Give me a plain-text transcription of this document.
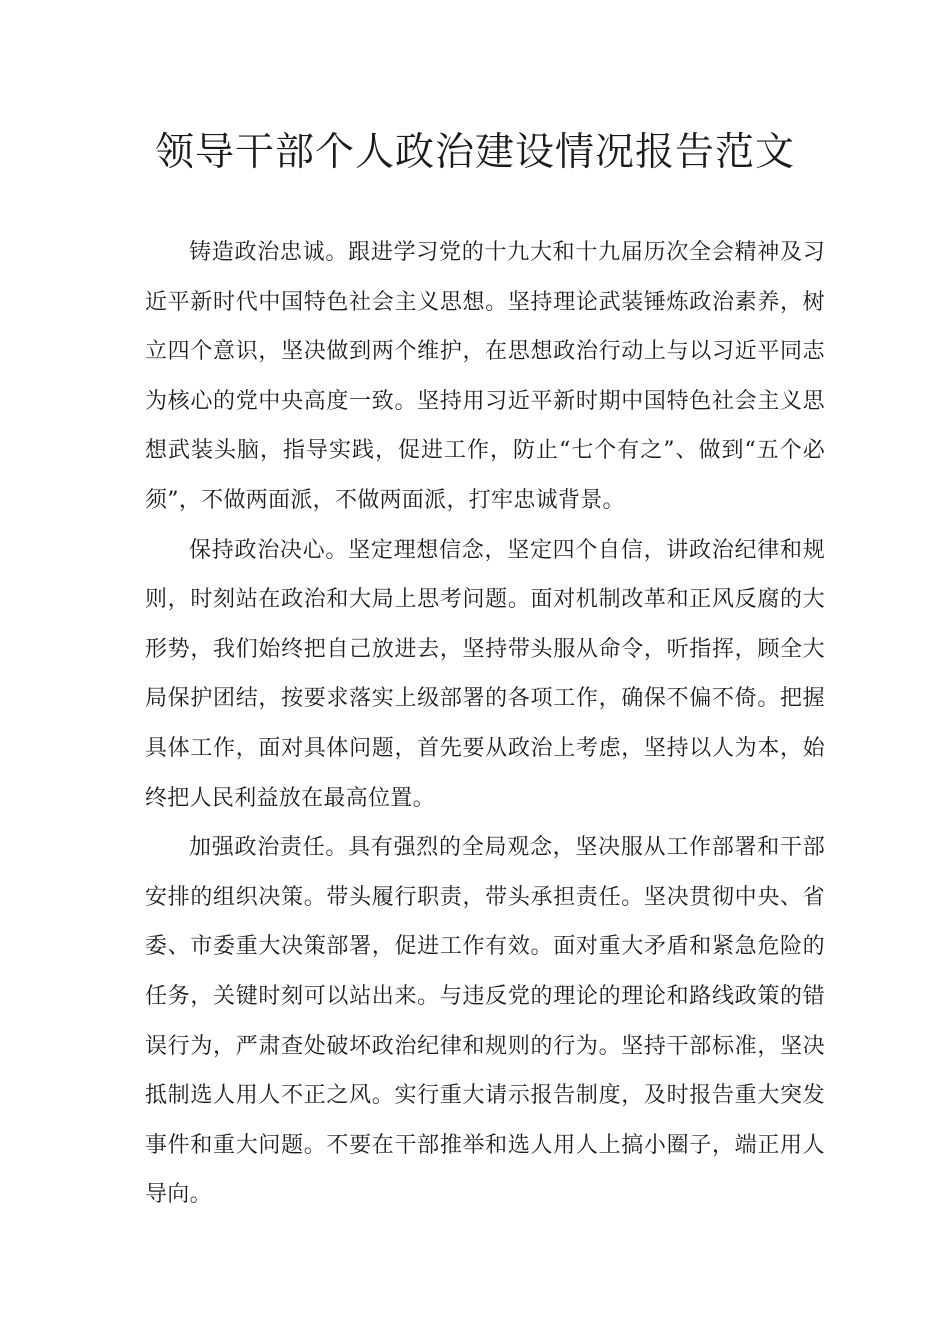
领导干部个人政治建设情况报告范文

铸造政治忠诚。跟进学习党的十九大和十九届历次全会精神及习近平新时代中国特色社会主义思想。坚持理论武装锤炼政治素养，树立四个意识，坚决做到两个维护，在思想政治行动上与以习近平同志为核心的党中央高度一致。坚持用习近平新时期中国特色社会主义思想武装头脑，指导实践，促进工作，防止“七个有之”、做到“五个必须”，不做两面派，不做两面派，打牢忠诚背景。

保持政治决心。坚定理想信念，坚定四个自信，讲政治纪律和规则，时刻站在政治和大局上思考问题。面对机制改革和正风反腐的大形势，我们始终把自己放进去，坚持带头服从命令，听指挥，顾全大局保护团结，按要求落实上级部署的各项工作，确保不偏不倚。把握具体工作，面对具体问题，首先要从政治上考虑，坚持以人为本，始终把人民利益放在最高位置。

加强政治责任。具有强烈的全局观念，坚决服从工作部署和干部安排的组织决策。带头履行职责，带头承担责任。坚决贯彻中央、省委、市委重大决策部署，促进工作有效。面对重大矛盾和紧急危险的任务，关键时刻可以站出来。与违反党的理论的理论和路线政策的错误行为，严肃查处破坏政治纪律和规则的行为。坚持干部标准，坚决抵制选人用人不正之风。实行重大请示报告制度，及时报告重大突发事件和重大问题。不要在干部推举和选人用人上搞小圈子，端正用人导向。
